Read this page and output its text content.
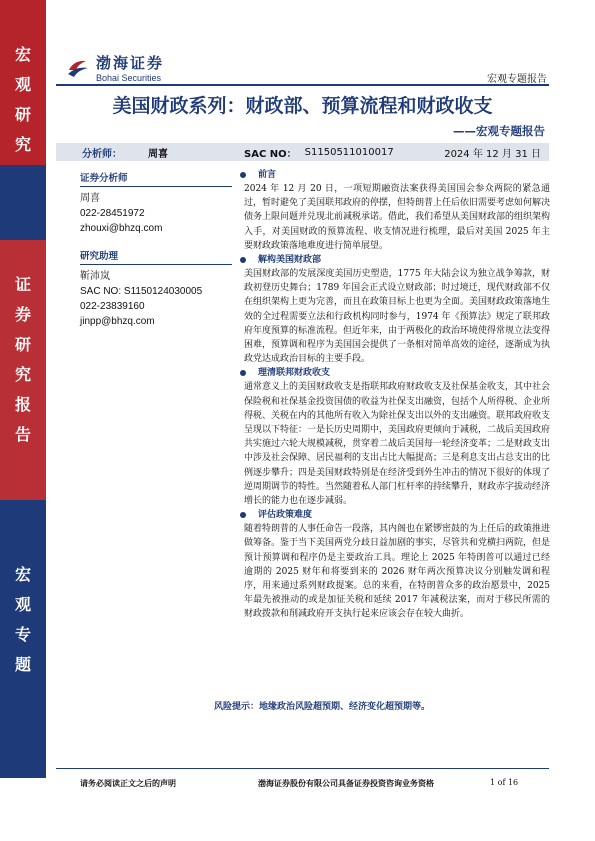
宏
观
研
究
证
券
研
究
报
告
宏
观
专
题
渤海证券
Bohai Securities	宏观专题报告
美国财政系列：财政部、预算流程和财政收支
——宏观专题报告
分析师：	周喜	SAC NO： S1150511010017	2024 年 12 月 31 日
证券分析师
周喜
022-28451972
zhouxi@bhzq.com
研究助理
靳沛岚
SAC NO: S1150124030005
022-23839160
jinpp@bhzq.com
前言

2024 年 12 月 20 日，一项短期融资法案获得美国国会参众两院的紧急通过，暂时避免了美国联邦政府的停摆，但特朗普上任后依旧需要考虑如何解决债务上限问题并兑现北前减税承诺。借此，我们希望从美国财政部的组织架构入手，对美国财政的预算流程、收支情况进行梳理，最后对美国 2025 年主要财政政策落地难度进行简单展望。

解构美国财政部

美国财政部的发展深度美国历史塑造，1775 年大陆会议为独立战争筹款，财政初登历史舞台；1789 年国会正式设立财政部；时过境迁，现代财政部不仅在组织架构上更为完善，而且在政策目标上也更为全面。美国财政政策落地生效的全过程需要立法和行政机构同时参与，1974 年《预算法》规定了联邦政府年度预算的标准流程。但近年来，由于两极化的政治环境使得常规立法变得困难，预算调和程序为美国国会提供了一条相对简单高效的途径，逐渐成为执政党达成政治目标的主要手段。

理清联邦财政收支

通常意义上的美国财政收支是指联邦政府财政收支及社保基金收支，其中社会保险税和社保基金投资国债的收益为社保支出融资，包括个人所得税、企业所得税、关税在内的其他所有收入为除社保支出以外的支出融资。联邦政府收支呈现以下特征：一是长历史周期中，美国政府更倾向于减税，二战后美国政府共实施过六轮大规模减税，贯穿着二战后美国每一轮经济变革；二是财政支出中涉及社会保障、居民福利的支出占比大幅提高；三是利息支出占总支出的比例逐步攀升；四是美国财政特别是在经济受到外生冲击的情况下很好的体现了逆周期调节的特性。当然随着私人部门杠杆率的持续攀升，财政赤字拔动经济增长的能力也在逐步减弱。

评估政策难度

随着特朗普的人事任命告一段落，其内阁也在紧锣密鼓的为上任后的政策推进做筹备。鉴于当下美国两党分歧日益加剧的事实，尽管共和党横扫两院，但是预计预算调和程序仍是主要政治工具。理论上 2025 年特朗普可以通过已经逾期的 2025 财年和将要到来的 2026 财年两次预算决议分别触发调和程序，用来通过系列财政提案。总的来看，在特朗普众多的政治愿景中，2025 年最先被推动的或是加征关税和延续 2017 年减税法案，而对于移民所需的财政拨款和削减政府开支执行起来应该会存在较大曲折。

风险提示：地缘政治风险超预期、经济变化超预期等。
请务必阅读正文之后的声明	渤海证券股份有限公司具备证券投资咨询业务资格	1 of 16
